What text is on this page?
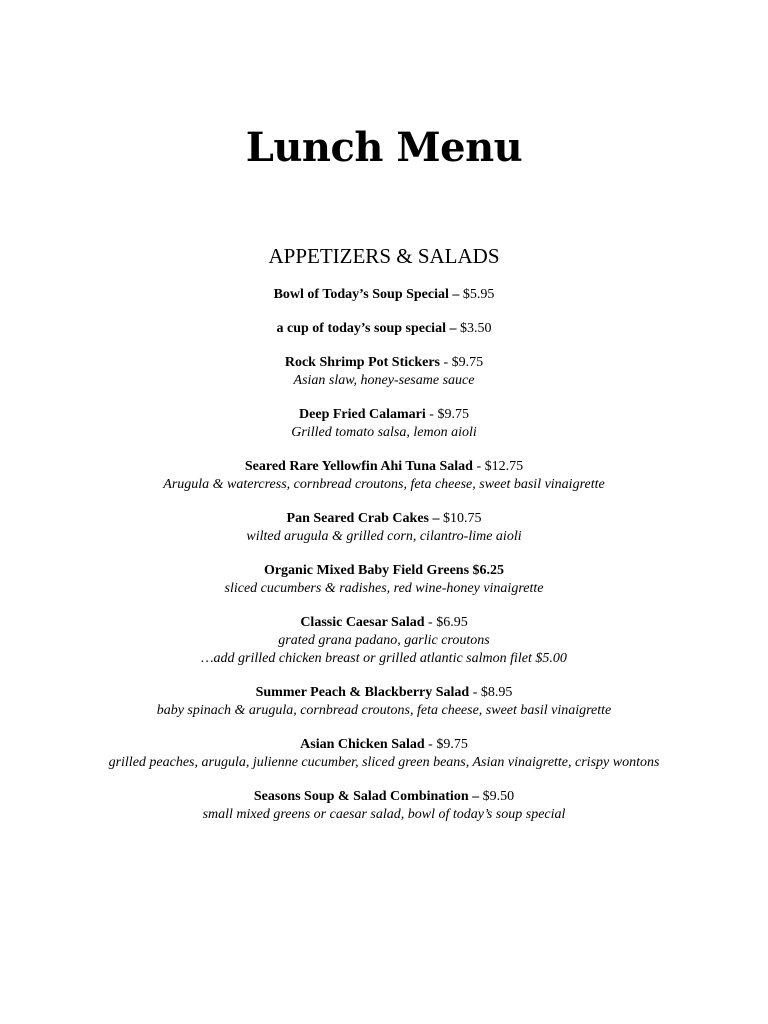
Lunch Menu
APPETIZERS & SALADS
Bowl of Today’s Soup Special – $5.95
a cup of today’s soup special – $3.50
Rock Shrimp Pot Stickers - $9.75
Asian slaw, honey-sesame sauce
Deep Fried Calamari - $9.75
Grilled tomato salsa, lemon aioli
Seared Rare Yellowfin Ahi Tuna Salad - $12.75
Arugula & watercress, cornbread croutons, feta cheese, sweet basil vinaigrette
Pan Seared Crab Cakes – $10.75
wilted arugula & grilled corn, cilantro-lime aioli
Organic Mixed Baby Field Greens $6.25
sliced cucumbers & radishes, red wine-honey vinaigrette
Classic Caesar Salad - $6.95
grated grana padano, garlic croutons
…add grilled chicken breast or grilled atlantic salmon filet $5.00
Summer Peach & Blackberry Salad - $8.95
baby spinach & arugula, cornbread croutons, feta cheese, sweet basil vinaigrette
Asian Chicken Salad - $9.75
grilled peaches, arugula, julienne cucumber, sliced green beans, Asian vinaigrette, crispy wontons
Seasons Soup & Salad Combination – $9.50
small mixed greens or caesar salad, bowl of today’s soup special
